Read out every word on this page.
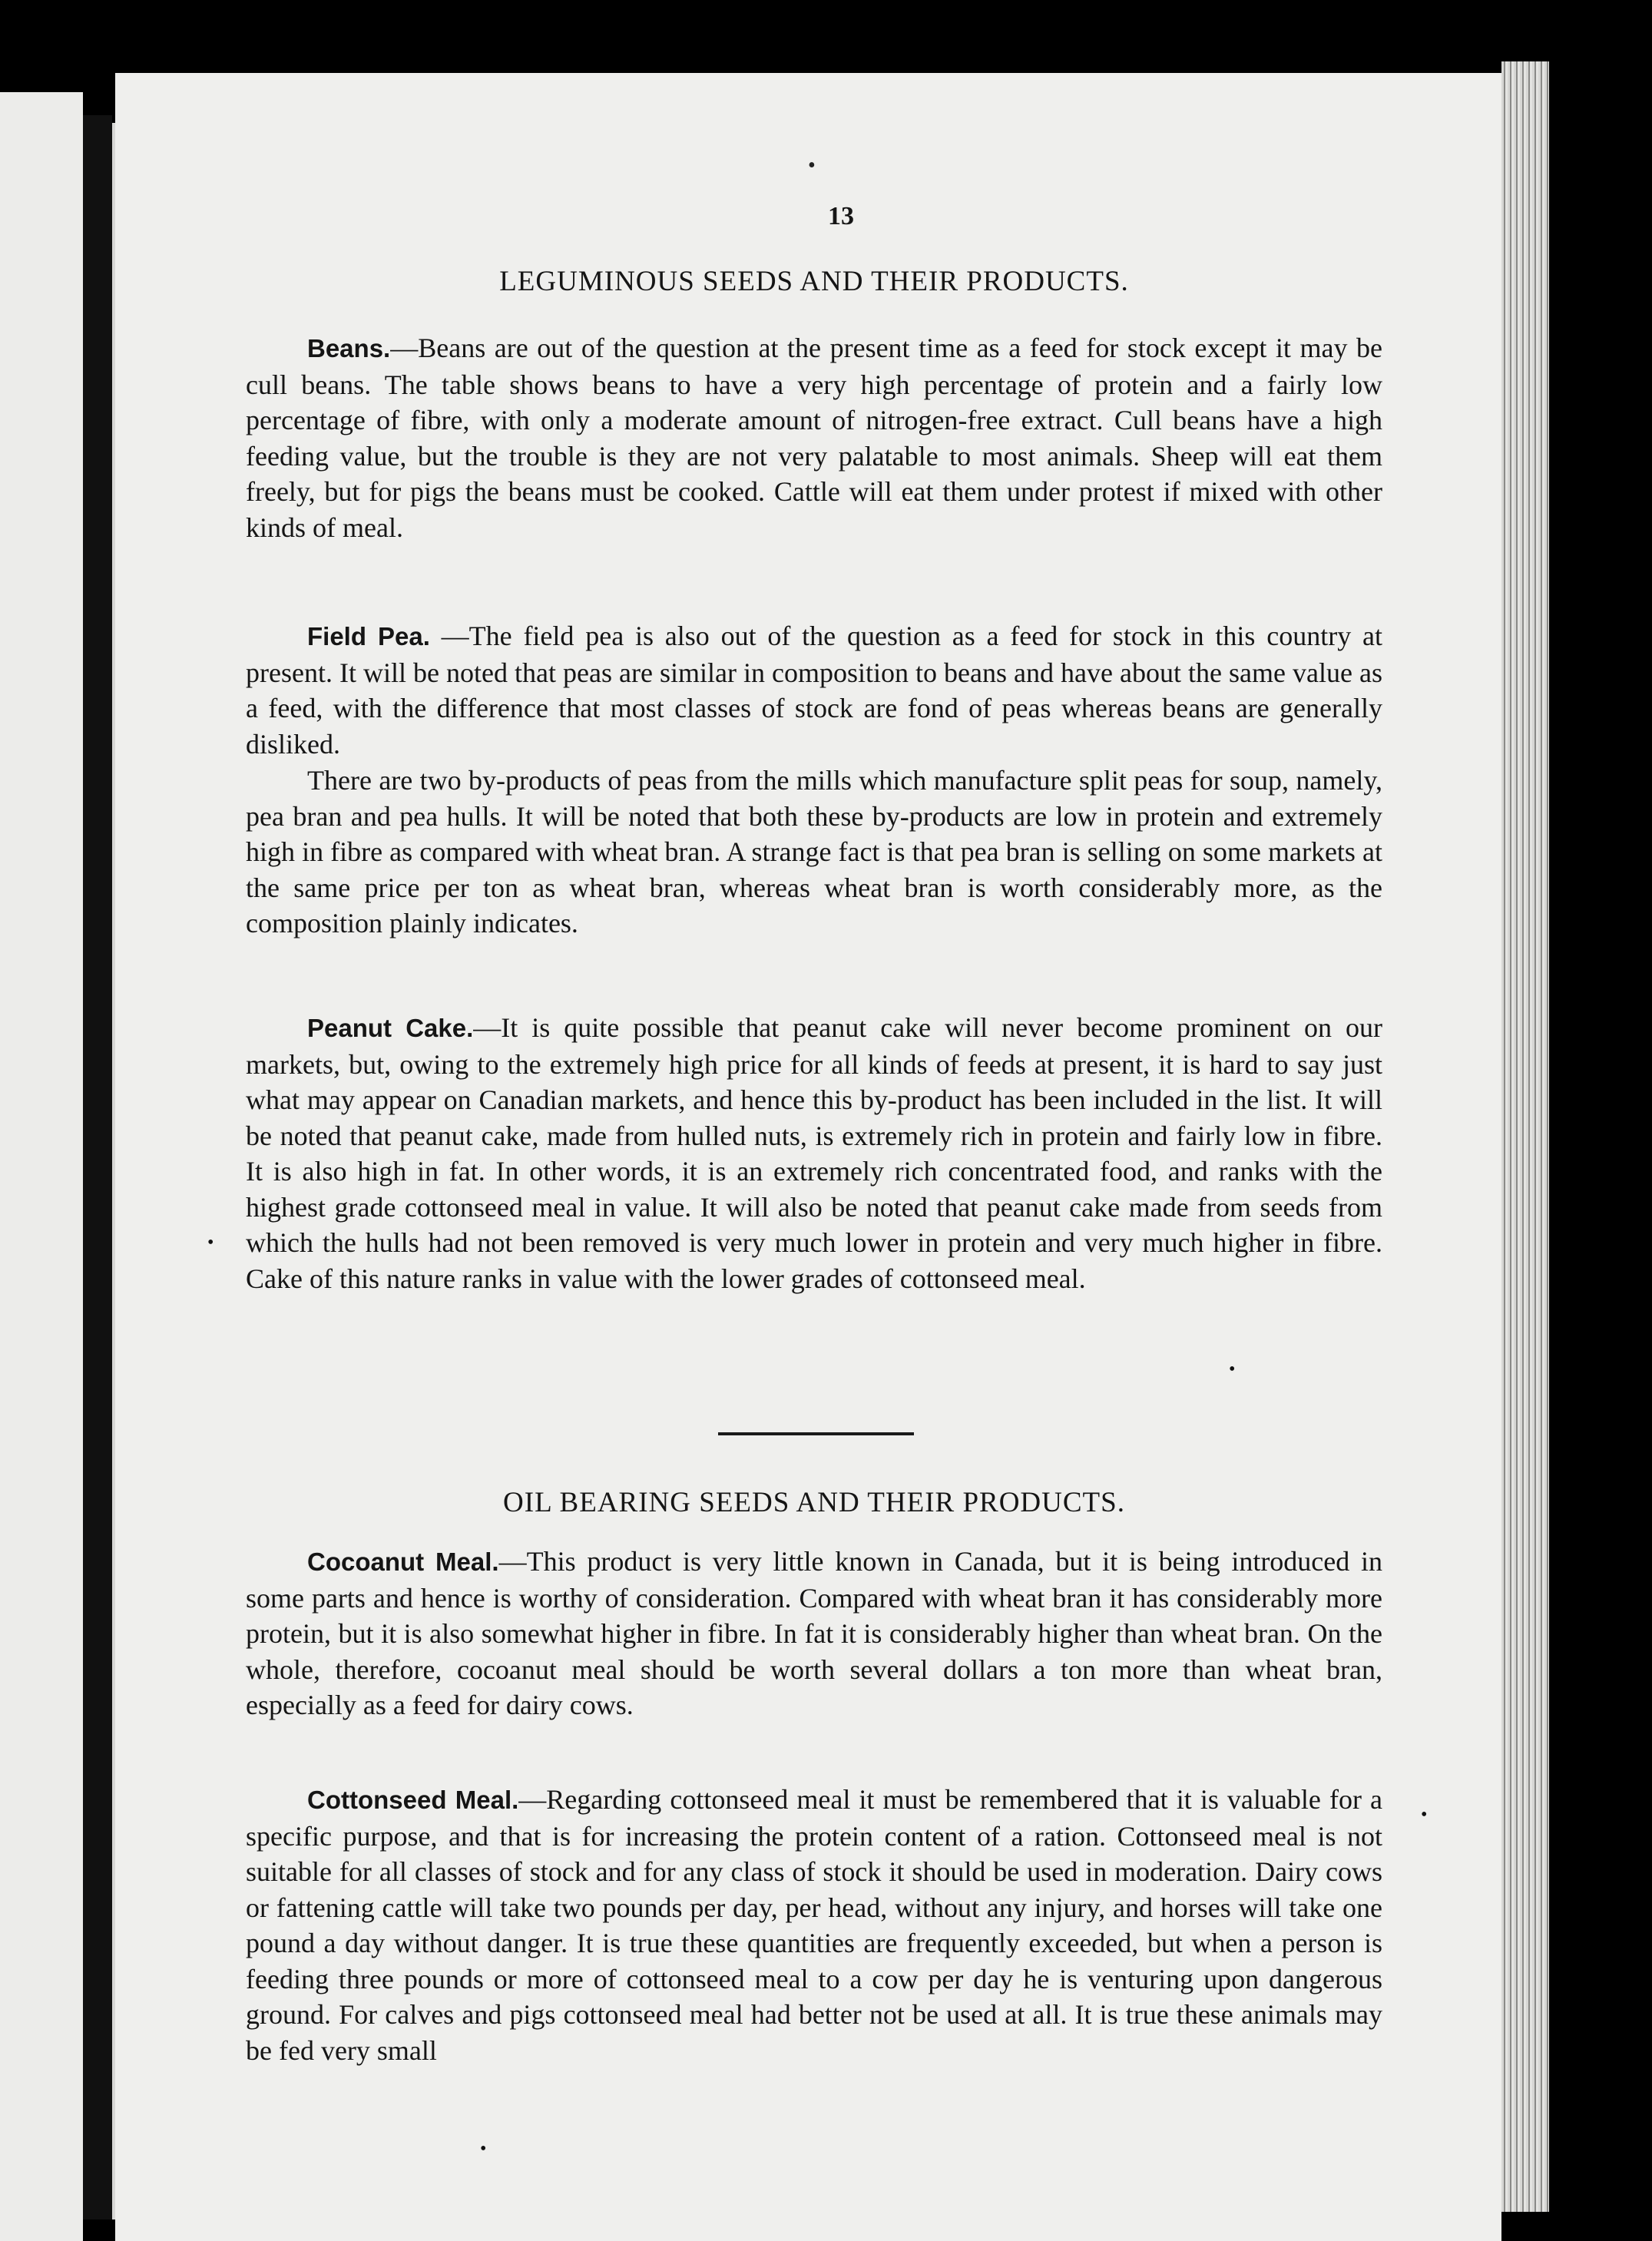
•
13
LEGUMINOUS SEEDS AND THEIR PRODUCTS.

Beans.—Beans are out of the question at the present time as a feed for stock except it may be cull beans. The table shows beans to have a very high percentage of protein and a fairly low percentage of fibre, with only a moderate amount of nitrogen-free extract. Cull beans have a high feeding value, but the trouble is they are not very palatable to most animals. Sheep will eat them freely, but for pigs the beans must be cooked. Cattle will eat them under protest if mixed with other kinds of meal.

Field Pea. —The field pea is also out of the question as a feed for stock in this country at present. It will be noted that peas are similar in composition to beans and have about the same value as a feed, with the difference that most classes of stock are fond of peas whereas beans are generally disliked.

There are two by-products of peas from the mills which manufacture split peas for soup, namely, pea bran and pea hulls. It will be noted that both these by-products are low in protein and extremely high in fibre as compared with wheat bran. A strange fact is that pea bran is selling on some markets at the same price per ton as wheat bran, whereas wheat bran is worth considerably more, as the composition plainly indicates.

Peanut Cake.—It is quite possible that peanut cake will never become prominent on our markets, but, owing to the extremely high price for all kinds of feeds at present, it is hard to say just what may appear on Canadian markets, and hence this by-product has been included in the list. It will be noted that peanut cake, made from hulled nuts, is extremely rich in protein and fairly low in fibre. It is also high in fat. In other words, it is an extremely rich concentrated food, and ranks with the highest grade cottonseed meal in value. It will also be noted that peanut cake made from seeds from which the hulls had not been removed is very much lower in protein and very much higher in fibre. Cake of this nature ranks in value with the lower grades of cottonseed meal.

OIL BEARING SEEDS AND THEIR PRODUCTS.

Cocoanut Meal.—This product is very little known in Canada, but it is being introduced in some parts and hence is worthy of consideration. Compared with wheat bran it has considerably more protein, but it is also somewhat higher in fibre. In fat it is considerably higher than wheat bran. On the whole, therefore, cocoanut meal should be worth several dollars a ton more than wheat bran, especially as a feed for dairy cows.

Cottonseed Meal.—Regarding cottonseed meal it must be remembered that it is valuable for a specific purpose, and that is for increasing the protein content of a ration. Cottonseed meal is not suitable for all classes of stock and for any class of stock it should be used in moderation. Dairy cows or fattening cattle will take two pounds per day, per head, without any injury, and horses will take one pound a day without danger. It is true these quantities are frequently exceeded, but when a person is feeding three pounds or more of cottonseed meal to a cow per day he is venturing upon dangerous ground. For calves and pigs cottonseed meal had better not be used at all. It is true these animals may be fed very small

•
•
•
•
